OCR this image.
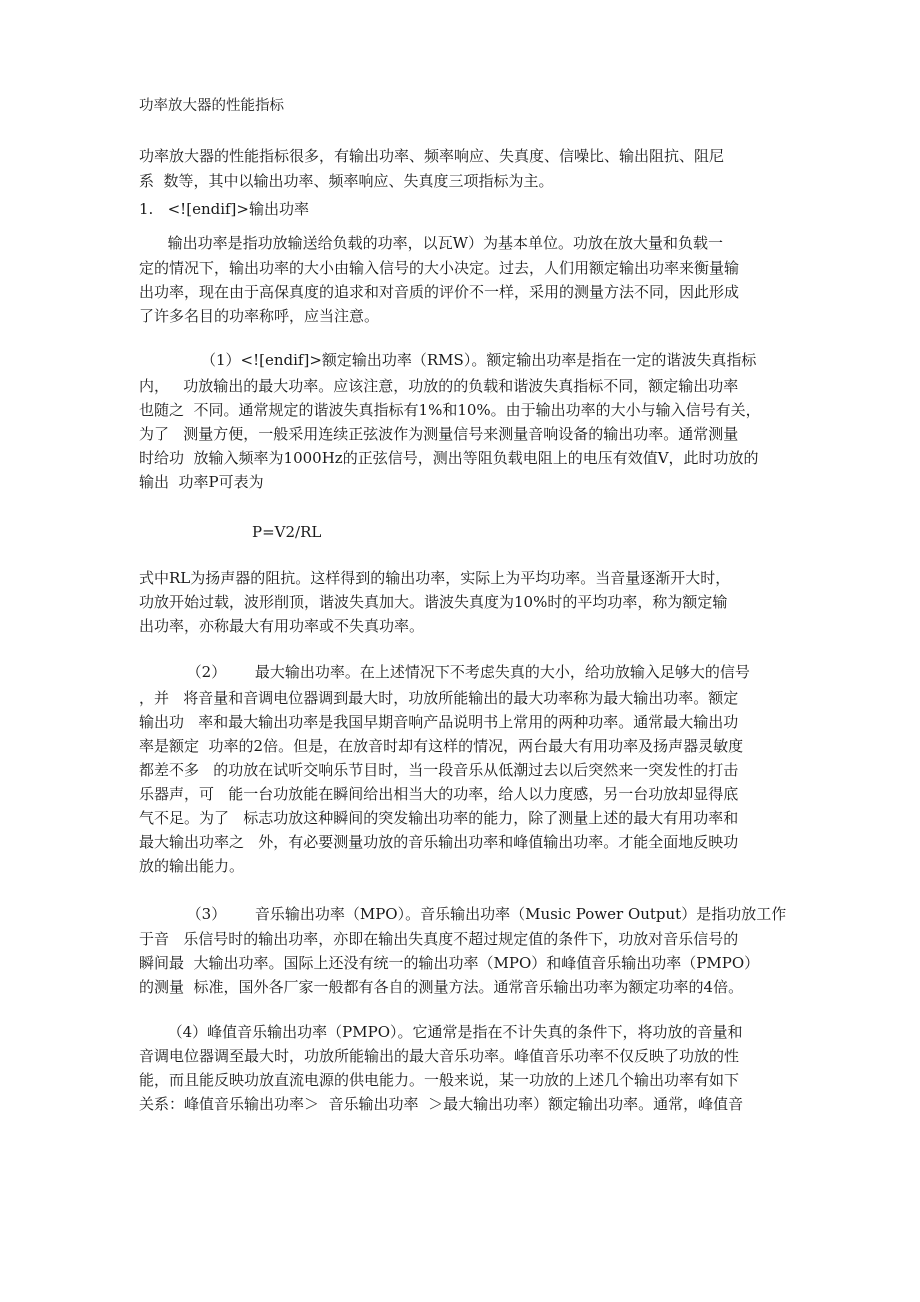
功率放大器的性能指标

功率放大器的性能指标很多，有输出功率、频率响应、失真度、信噪比、输出阻抗、阻尼

系  数等，其中以输出功率、频率响应、失真度三项指标为主。

1.   <![endif]>输出功率

输出功率是指功放输送给负载的功率，以瓦W）为基本单位。功放在放大量和负载一

定的情况下，输出功率的大小由输入信号的大小决定。过去，人们用额定输出功率来衡量输

出功率，现在由于高保真度的追求和对音质的评价不一样，采用的测量方法不同，因此形成

了许多名目的功率称呼，应当注意。

（1）<![endif]>额定输出功率（RMS）。额定输出功率是指在一定的谐波失真指标

内，   功放输出的最大功率。应该注意，功放的的负载和谐波失真指标不同，额定输出功率

也随之  不同。通常规定的谐波失真指标有1%和10%。由于输出功率的大小与输入信号有关，

为了   测量方便，一般采用连续正弦波作为测量信号来测量音响设备的输出功率。通常测量

时给功  放输入频率为1000Hz的正弦信号，测出等阻负载电阻上的电压有效值V，此时功放的

输出  功率P可表为

P=V2/RL

式中RL为扬声器的阻抗。这样得到的输出功率，实际上为平均功率。当音量逐渐开大时，

功放开始过载，波形削顶，谐波失真加大。谐波失真度为10%时的平均功率，称为额定输

出功率，亦称最大有用功率或不失真功率。

（2）      最大输出功率。在上述情况下不考虑失真的大小，给功放输入足够大的信号

，并   将音量和音调电位器调到最大时，功放所能输出的最大功率称为最大输出功率。额定

输出功   率和最大输出功率是我国早期音响产品说明书上常用的两种功率。通常最大输出功

率是额定  功率的2倍。但是，在放音时却有这样的情况，两台最大有用功率及扬声器灵敏度

都差不多   的功放在试听交响乐节目时，当一段音乐从低潮过去以后突然来一突发性的打击

乐器声，可   能一台功放能在瞬间给出相当大的功率，给人以力度感，另一台功放却显得底

气不足。为了   标志功放这种瞬间的突发输出功率的能力，除了测量上述的最大有用功率和

最大输出功率之   外，有必要测量功放的音乐输出功率和峰值输出功率。才能全面地反映功

放的输出能力。

（3）      音乐输出功率（MPO）。音乐输出功率（Music Power Output）是指功放工作

于音   乐信号时的输出功率，亦即在输出失真度不超过规定值的条件下，功放对音乐信号的

瞬间最  大输出功率。国际上还没有统一的输出功率（MPO）和峰值音乐输出功率（PMPO）

的测量  标准，国外各厂家一般都有各自的测量方法。通常音乐输出功率为额定功率的4倍。

（4）峰值音乐输出功率（PMPO）。它通常是指在不计失真的条件下，将功放的音量和

音调电位器调至最大时，功放所能输出的最大音乐功率。峰值音乐功率不仅反映了功放的性

能，而且能反映功放直流电源的供电能力。一般来说，某一功放的上述几个输出功率有如下

关系：峰值音乐输出功率＞  音乐输出功率  ＞最大输出功率）额定输出功率。通常，峰值音
